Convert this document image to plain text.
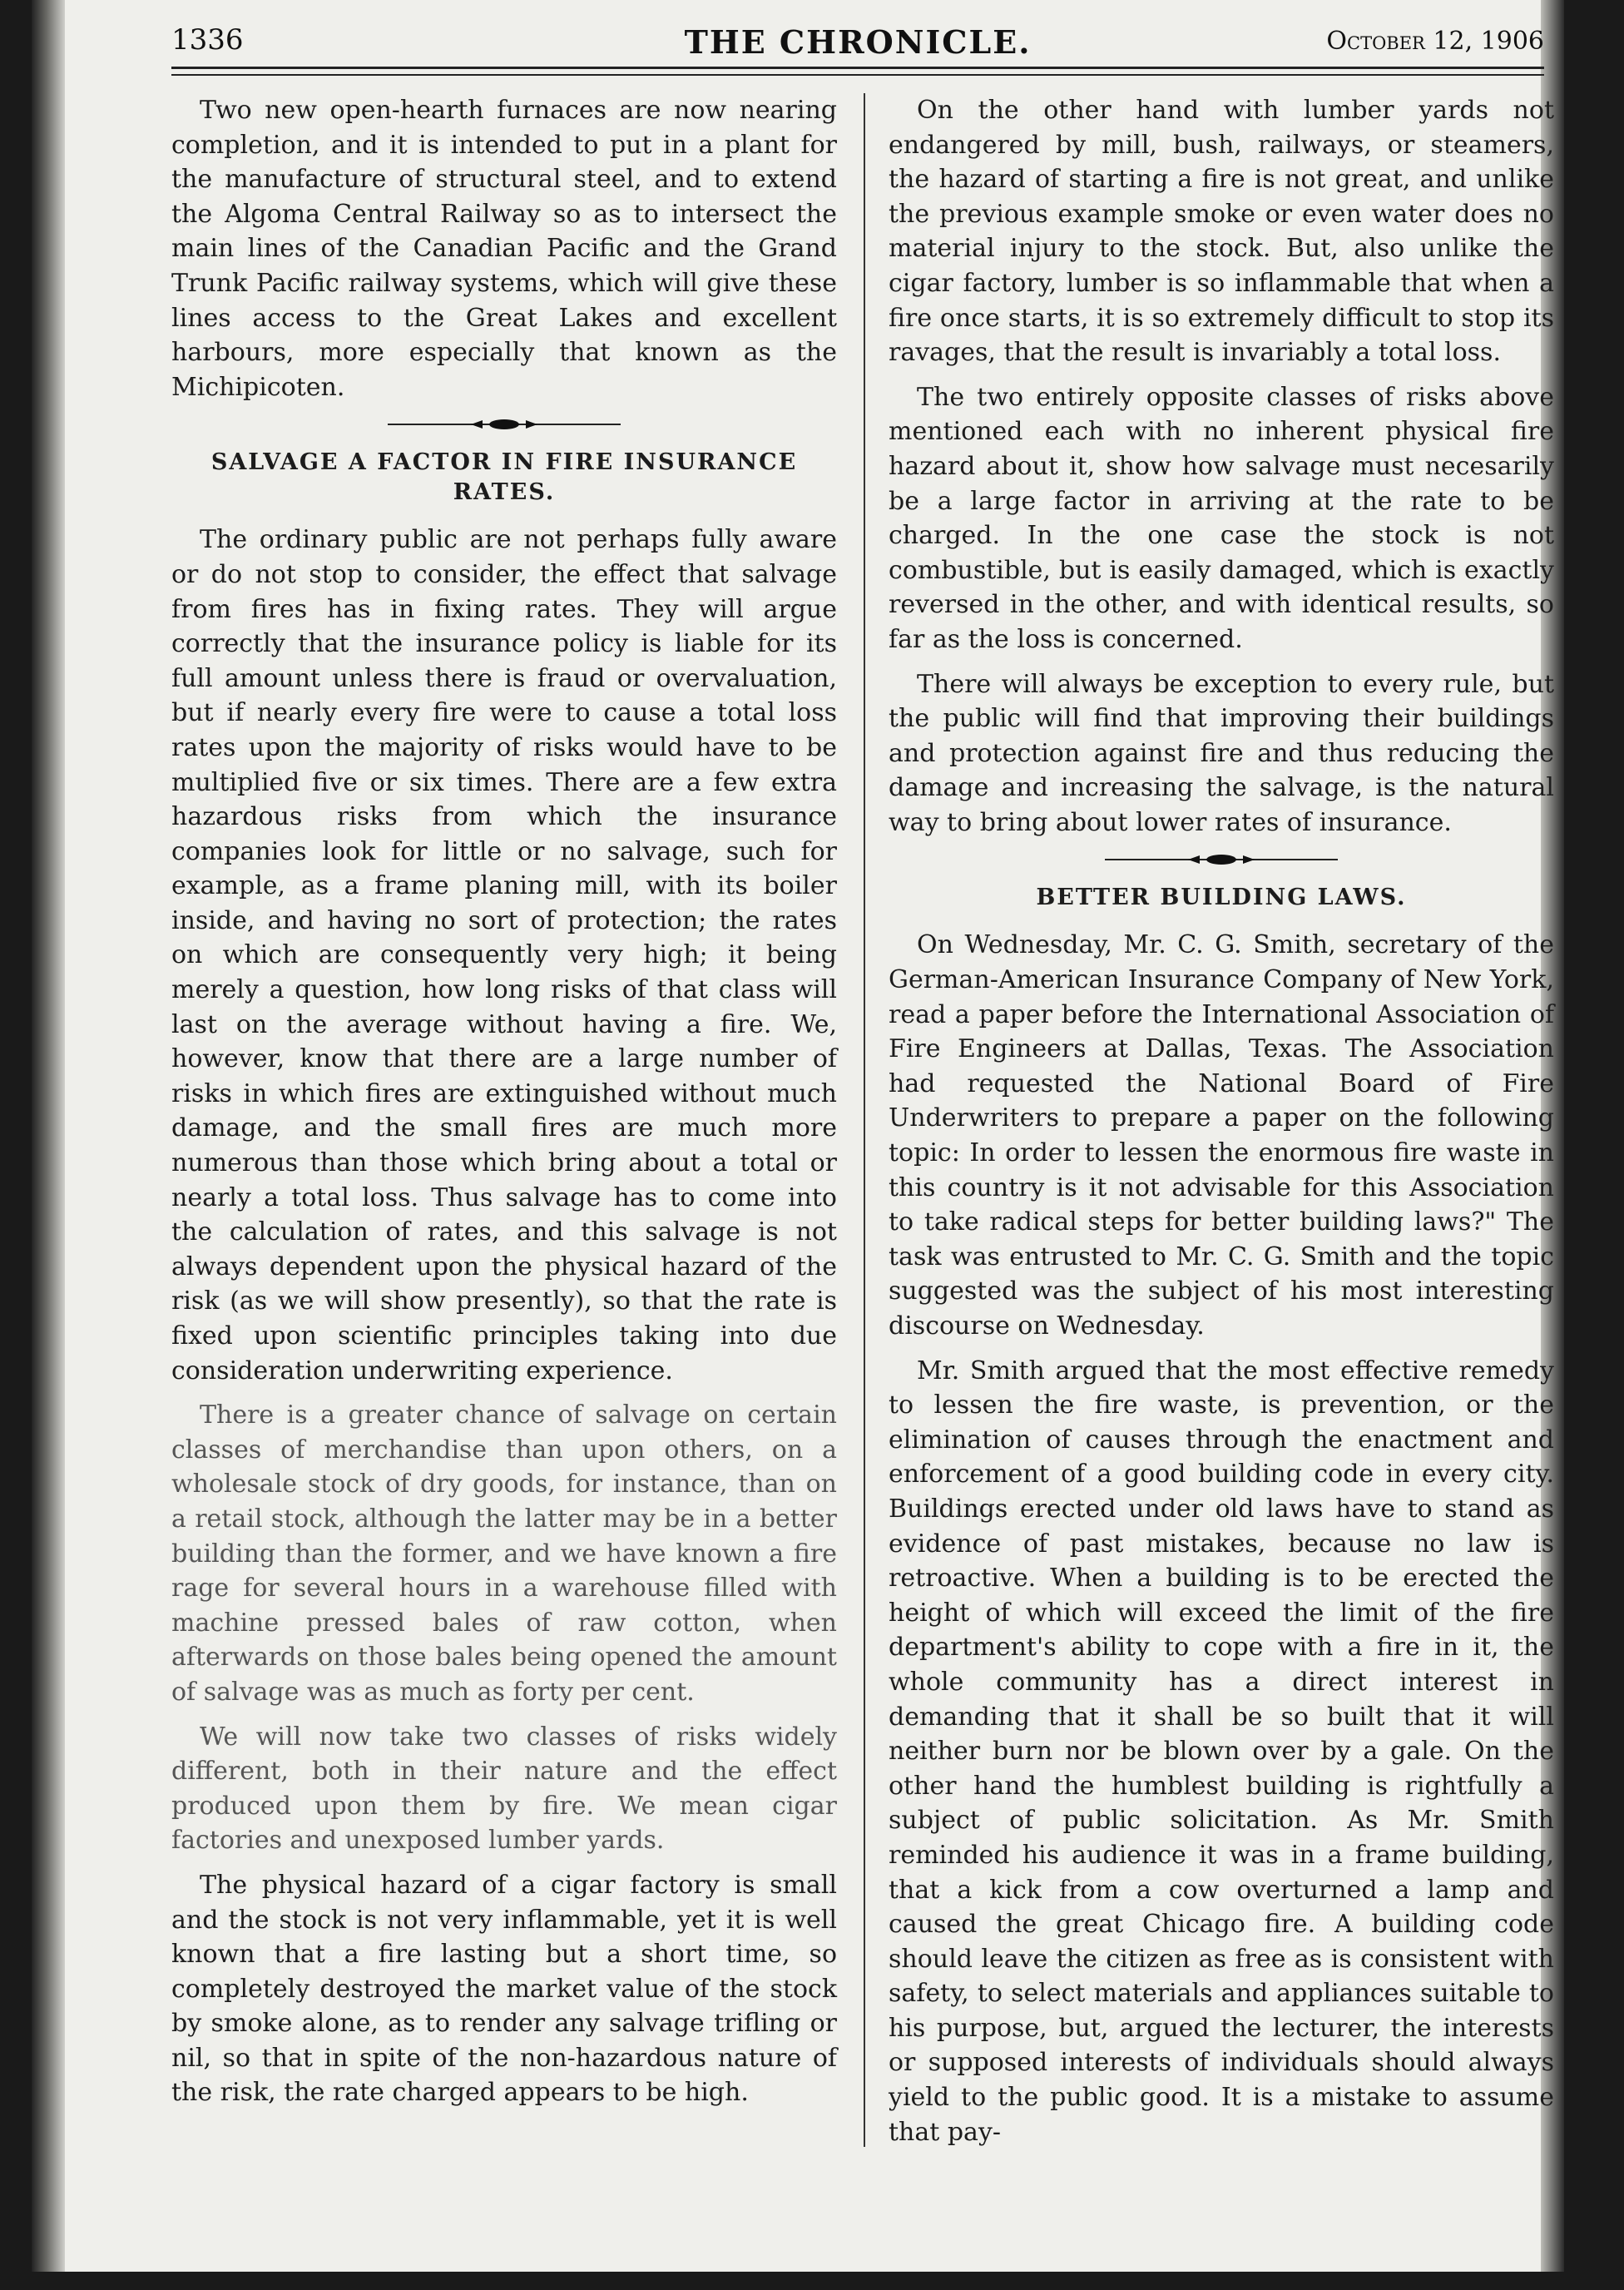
1336	THE CHRONICLE.	October 12, 1906

Two new open-hearth furnaces are now nearing completion, and it is intended to put in a plant for the manufacture of structural steel, and to extend the Algoma Central Railway so as to intersect the main lines of the Canadian Pacific and the Grand Trunk Pacific railway systems, which will give these lines access to the Great Lakes and excellent harbours, more especially that known as the Michipicoten.

SALVAGE A FACTOR IN FIRE INSURANCE RATES.

The ordinary public are not perhaps fully aware or do not stop to consider, the effect that salvage from fires has in fixing rates. They will argue correctly that the insurance policy is liable for its full amount unless there is fraud or overvaluation, but if nearly every fire were to cause a total loss rates upon the majority of risks would have to be multiplied five or six times. There are a few extra hazardous risks from which the insurance companies look for little or no salvage, such for example, as a frame planing mill, with its boiler inside, and having no sort of protection; the rates on which are consequently very high; it being merely a question, how long risks of that class will last on the average without having a fire. We, however, know that there are a large number of risks in which fires are extinguished without much damage, and the small fires are much more numerous than those which bring about a total or nearly a total loss. Thus salvage has to come into the calculation of rates, and this salvage is not always dependent upon the physical hazard of the risk (as we will show presently), so that the rate is fixed upon scientific principles taking into due consideration underwriting experience.

There is a greater chance of salvage on certain classes of merchandise than upon others, on a wholesale stock of dry goods, for instance, than on a retail stock, although the latter may be in a better building than the former, and we have known a fire rage for several hours in a warehouse filled with machine pressed bales of raw cotton, when afterwards on those bales being opened the amount of salvage was as much as forty per cent.

We will now take two classes of risks widely different, both in their nature and the effect produced upon them by fire. We mean cigar factories and unexposed lumber yards.

The physical hazard of a cigar factory is small and the stock is not very inflammable, yet it is well known that a fire lasting but a short time, so completely destroyed the market value of the stock by smoke alone, as to render any salvage trifling or nil, so that in spite of the non-hazardous nature of the risk, the rate charged appears to be high.

On the other hand with lumber yards not endangered by mill, bush, railways, or steamers, the hazard of starting a fire is not great, and unlike the previous example smoke or even water does no material injury to the stock. But, also unlike the cigar factory, lumber is so inflammable that when a fire once starts, it is so extremely difficult to stop its ravages, that the result is invariably a total loss.

The two entirely opposite classes of risks above mentioned each with no inherent physical fire hazard about it, show how salvage must necesarily be a large factor in arriving at the rate to be charged. In the one case the stock is not combustible, but is easily damaged, which is exactly reversed in the other, and with identical results, so far as the loss is concerned.

There will always be exception to every rule, but the public will find that improving their buildings and protection against fire and thus reducing the damage and increasing the salvage, is the natural way to bring about lower rates of insurance.

BETTER BUILDING LAWS.

On Wednesday, Mr. C. G. Smith, secretary of the German-American Insurance Company of New York, read a paper before the International Association of Fire Engineers at Dallas, Texas. The Association had requested the National Board of Fire Underwriters to prepare a paper on the following topic: In order to lessen the enormous fire waste in this country is it not advisable for this Association to take radical steps for better building laws?" The task was entrusted to Mr. C. G. Smith and the topic suggested was the subject of his most interesting discourse on Wednesday.

Mr. Smith argued that the most effective remedy to lessen the fire waste, is prevention, or the elimination of causes through the enactment and enforcement of a good building code in every city. Buildings erected under old laws have to stand as evidence of past mistakes, because no law is retroactive. When a building is to be erected the height of which will exceed the limit of the fire department's ability to cope with a fire in it, the whole community has a direct interest in demanding that it shall be so built that it will neither burn nor be blown over by a gale. On the other hand the humblest building is rightfully a subject of public solicitation. As Mr. Smith reminded his audience it was in a frame building, that a kick from a cow overturned a lamp and caused the great Chicago fire. A building code should leave the citizen as free as is consistent with safety, to select materials and appliances suitable to his purpose, but, argued the lecturer, the interests or supposed interests of individuals should always yield to the public good. It is a mistake to assume that pay-
